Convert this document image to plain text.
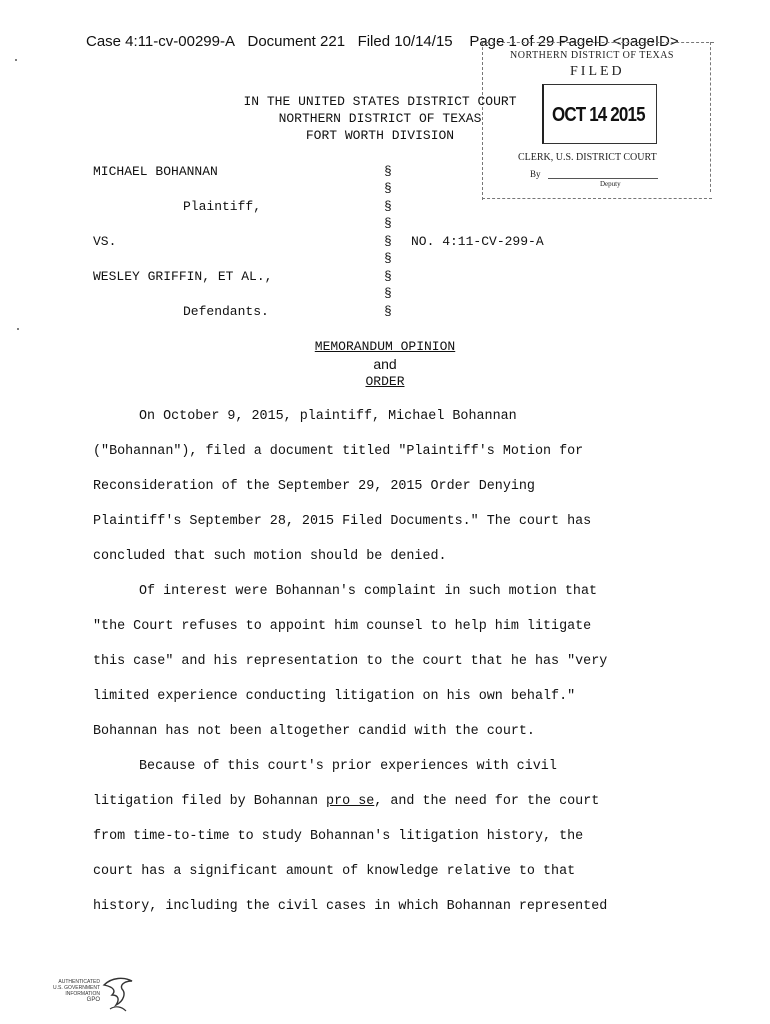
Case 4:11-cv-00299-A Document 221 Filed 10/14/15 Page 1 of 29 PageID <pageID>
NORTHERN DISTRICT OF TEXAS
FILED
OCT 14 2015
CLERK, U.S. DISTRICT COURT
By
Deputy
IN THE UNITED STATES DISTRICT COURT
NORTHERN DISTRICT OF TEXAS
FORT WORTH DIVISION
MICHAEL BOHANNAN
Plaintiff,
VS.
WESLEY GRIFFIN, ET AL.,
Defendants.
NO. 4:11-CV-299-A
§
§
§
§
§
§
§
§
§
MEMORANDUM OPINION
and
ORDER
On October 9, 2015, plaintiff, Michael Bohannan
("Bohannan"), filed a document titled "Plaintiff's Motion for
Reconsideration of the September 29, 2015 Order Denying
Plaintiff's September 28, 2015 Filed Documents." The court has
concluded that such motion should be denied.
Of interest were Bohannan's complaint in such motion that
"the Court refuses to appoint him counsel to help him litigate
this case" and his representation to the court that he has "very
limited experience conducting litigation on his own behalf."
Bohannan has not been altogether candid with the court.
Because of this court's prior experiences with civil
litigation filed by Bohannan pro se, and the need for the court
from time-to-time to study Bohannan's litigation history, the
court has a significant amount of knowledge relative to that
history, including the civil cases in which Bohannan represented
AUTHENTICATED
U.S. GOVERNMENT
INFORMATION
GPO
